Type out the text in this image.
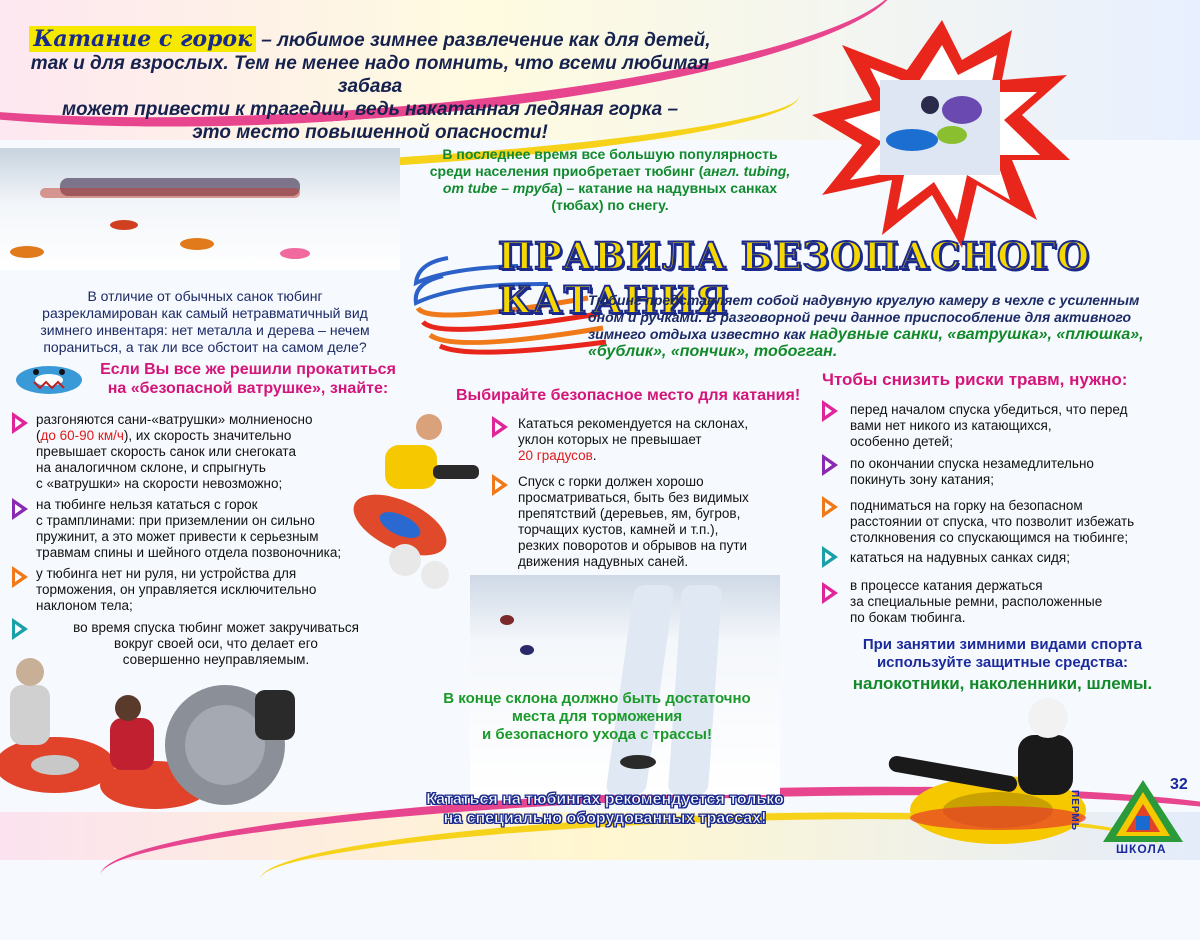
Катание с горок – любимое зимнее развлечение как для детей,
так и для взрослых. Тем не менее надо помнить, что всеми любимая забава
может привести к трагедии, ведь накатанная ледяная горка –
это место повышенной опасности!
В последнее время все большую популярность
среди населения приобретает тюбинг (англ. tubing,
от tube – труба) – катание на надувных санках
(тюбах) по снегу.
ПРАВИЛА БЕЗОПАСНОГО КАТАНИЯ
Тюбинг представляет собой надувную круглую камеру в чехле с усиленным
дном и ручками. В разговорной речи данное приспособление для активного
зимнего отдыха известно как надувные санки, «ватрушка», «плюшка»,
«бублик», «пончик», тобогган.
В отличие от обычных санок тюбинг
разрекламирован как самый нетравматичный вид
зимнего инвентаря: нет металла и дерева – нечем
пораниться, а так ли все обстоит на самом деле?
Если Вы все же решили прокатиться
на «безопасной ватрушке», знайте:
разгоняются сани-«ватрушки» молниеносно
(до 60-90 км/ч), их скорость значительно
превышает скорость санок или снегоката
на аналогичном склоне, и спрыгнуть
с «ватрушки» на скорости невозможно;
на тюбинге нельзя кататься с горок
с трамплинами: при приземлении он сильно
пружинит, а это может привести к серьезным
травмам спины и шейного отдела позвоночника;
у тюбинга нет ни руля, ни устройства для
торможения, он управляется исключительно
наклоном тела;
во время спуска тюбинг может закручиваться
вокруг своей оси, что делает его
совершенно неуправляемым.
Выбирайте безопасное место для катания!
Кататься рекомендуется на склонах,
уклон которых не превышает
20 градусов.
Спуск с горки должен хорошо
просматриваться, быть без видимых
препятствий (деревьев, ям, бугров,
торчащих кустов, камней и т.п.),
резких поворотов и обрывов на пути
движения надувных саней.
В конце склона должно быть достаточно
места для торможения
и безопасного ухода с трассы!
Чтобы снизить риски травм, нужно:
перед началом спуска убедиться, что перед
вами нет никого из катающихся,
особенно детей;
по окончании спуска незамедлительно
покинуть зону катания;
подниматься на горку на безопасном
расстоянии от спуска, что позволит избежать
столкновения со спускающимся на тюбинге;
кататься на надувных санках сидя;
в процессе катания держаться
за специальные ремни, расположенные
по бокам тюбинга.
При занятии зимними видами спорта
используйте защитные средства:
налокотники, наколенники, шлемы.
Кататься на тюбингах рекомендуется только
на специально оборудованных трассах!
32
ПЕРМЬ
ШКОЛА
